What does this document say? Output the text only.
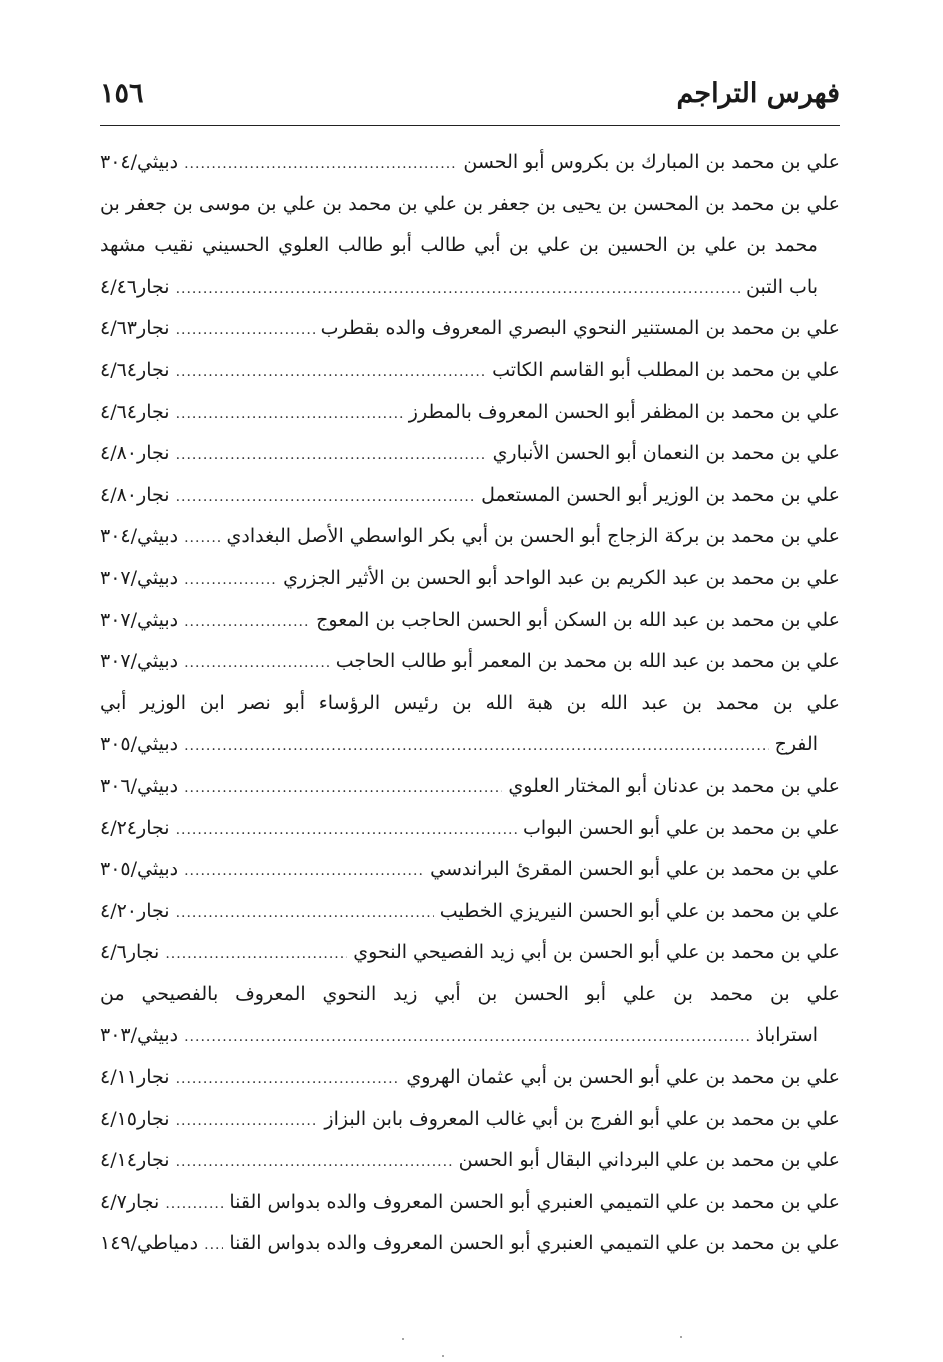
فهرس التراجم
١٥٦
علي بن محمد بن المبارك بن بكروس أبو الحسن
.....
دبيثي/٣٠٤
علي بن محمد بن المحسن بن يحيى بن جعفر بن علي بن محمد بن علي بن موسى بن جعفر بن
محمد بن علي بن الحسين بن علي بن أبي طالب أبو طالب العلوي الحسيني نقيب مشهد
باب التبن
.....
نجار٤/٤٦
علي بن محمد بن المستنير النحوي البصري المعروف والده بقطرب
.....
نجار٤/٦٣
علي بن محمد بن المطلب أبو القاسم الكاتب
.....
نجار٤/٦٤
علي بن محمد بن المظفر أبو الحسن المعروف بالمطرز
.....
نجار٤/٦٤
علي بن محمد بن النعمان أبو الحسن الأنباري
.....
نجار٤/٨٠
علي بن محمد بن الوزير أبو الحسن المستعمل
.....
نجار٤/٨٠
علي بن محمد بن بركة الزجاج أبو الحسن بن أبي بكر الواسطي الأصل البغدادي
.....
دبيثي/٣٠٤
علي بن محمد بن عبد الكريم بن عبد الواحد أبو الحسن بن الأثير الجزري
.....
دبيثي/٣٠٧
علي بن محمد بن عبد الله بن السكن أبو الحسن الحاجب بن المعوج
.....
دبيثي/٣٠٧
علي بن محمد بن عبد الله بن محمد بن المعمر أبو طالب الحاجب
.....
دبيثي/٣٠٧
علي بن محمد بن عبد الله بن هبة الله بن رئيس الرؤساء أبو نصر ابن الوزير أبي
الفرج
.....
دبيثي/٣٠٥
علي بن محمد بن عدنان أبو المختار العلوي
.....
دبيثي/٣٠٦
علي بن محمد بن علي أبو الحسن البواب
.....
نجار٤/٢٤
علي بن محمد بن علي أبو الحسن المقرئ البراندسي
.....
دبيثي/٣٠٥
علي بن محمد بن علي أبو الحسن النيريزي الخطيب
.....
نجار٤/٢٠
علي بن محمد بن علي أبو الحسن بن أبي زيد الفصيحي النحوي
.....
نجار٤/٦
علي بن محمد بن علي أبو الحسن بن أبي زيد النحوي المعروف بالفصيحي من
استراباذ
.....
دبيثي/٣٠٣
علي بن محمد بن علي أبو الحسن بن أبي عثمان الهروي
.....
نجار٤/١١
علي بن محمد بن علي أبو الفرج بن أبي غالب المعروف بابن البزاز
.....
نجار٤/١٥
علي بن محمد بن علي البرداني البقال أبو الحسن
.....
نجار٤/١٤
علي بن محمد بن علي التميمي العنبري أبو الحسن المعروف والده بدواس القنا
.....
نجار٤/٧
علي بن محمد بن علي التميمي العنبري أبو الحسن المعروف والده بدواس القنا
.....
دمياطي/١٤٩
